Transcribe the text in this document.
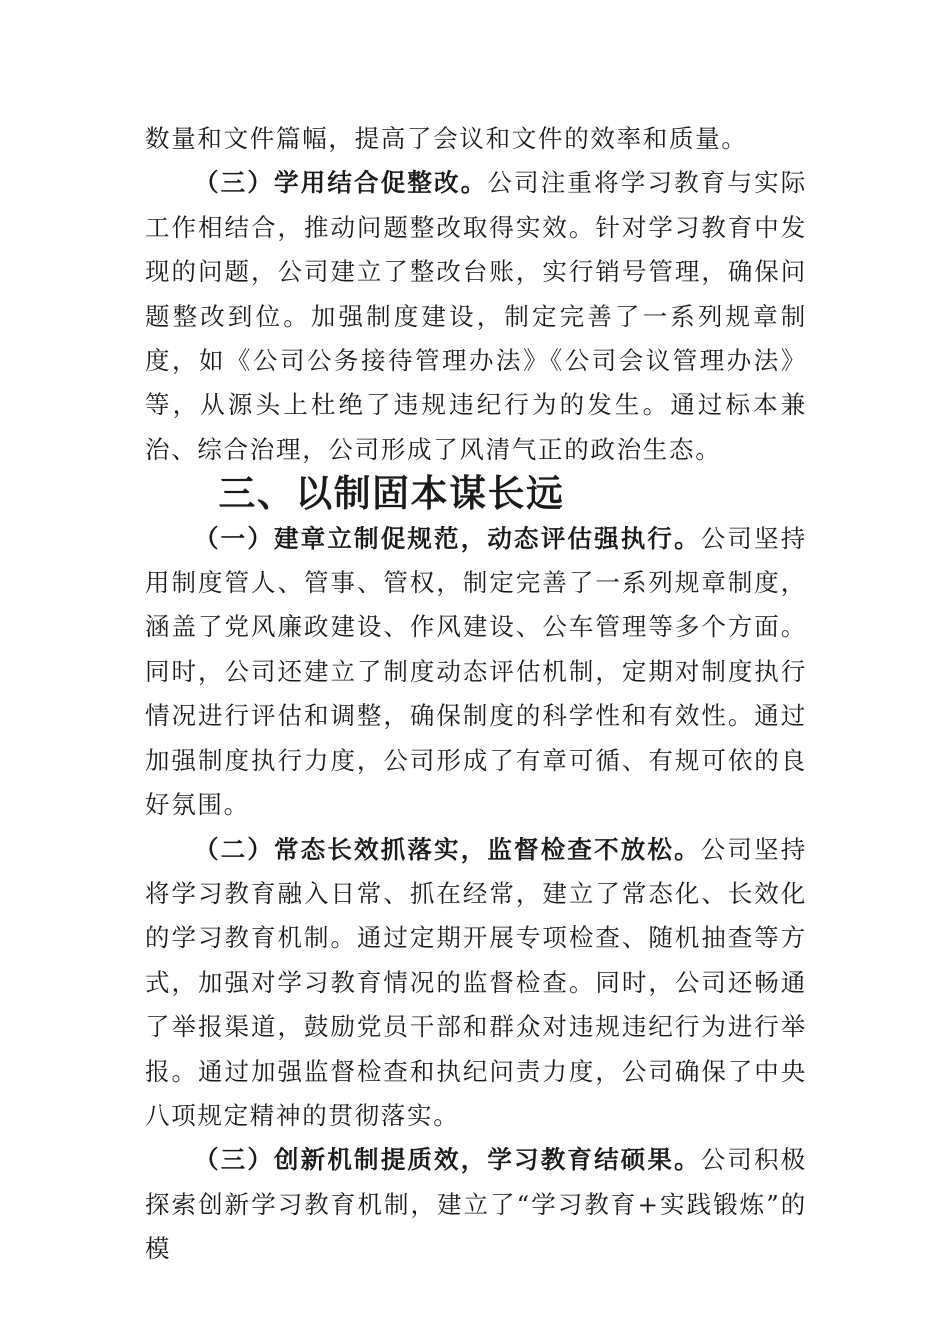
数量和文件篇幅，提高了会议和文件的效率和质量。

（三）学用结合促整改。公司注重将学习教育与实际工作相结合，推动问题整改取得实效。针对学习教育中发现的问题，公司建立了整改台账，实行销号管理，确保问题整改到位。加强制度建设，制定完善了一系列规章制度，如《公司公务接待管理办法》《公司会议管理办法》等，从源头上杜绝了违规违纪行为的发生。通过标本兼治、综合治理，公司形成了风清气正的政治生态。

三、以制固本谋长远

（一）建章立制促规范，动态评估强执行。公司坚持用制度管人、管事、管权，制定完善了一系列规章制度，涵盖了党风廉政建设、作风建设、公车管理等多个方面。同时，公司还建立了制度动态评估机制，定期对制度执行情况进行评估和调整，确保制度的科学性和有效性。通过加强制度执行力度，公司形成了有章可循、有规可依的良好氛围。

（二）常态长效抓落实，监督检查不放松。公司坚持将学习教育融入日常、抓在经常，建立了常态化、长效化的学习教育机制。通过定期开展专项检查、随机抽查等方式，加强对学习教育情况的监督检查。同时，公司还畅通了举报渠道，鼓励党员干部和群众对违规违纪行为进行举报。通过加强监督检查和执纪问责力度，公司确保了中央八项规定精神的贯彻落实。

（三）创新机制提质效，学习教育结硕果。公司积极探索创新学习教育机制，建立了“学习教育+实践锻炼”的模
